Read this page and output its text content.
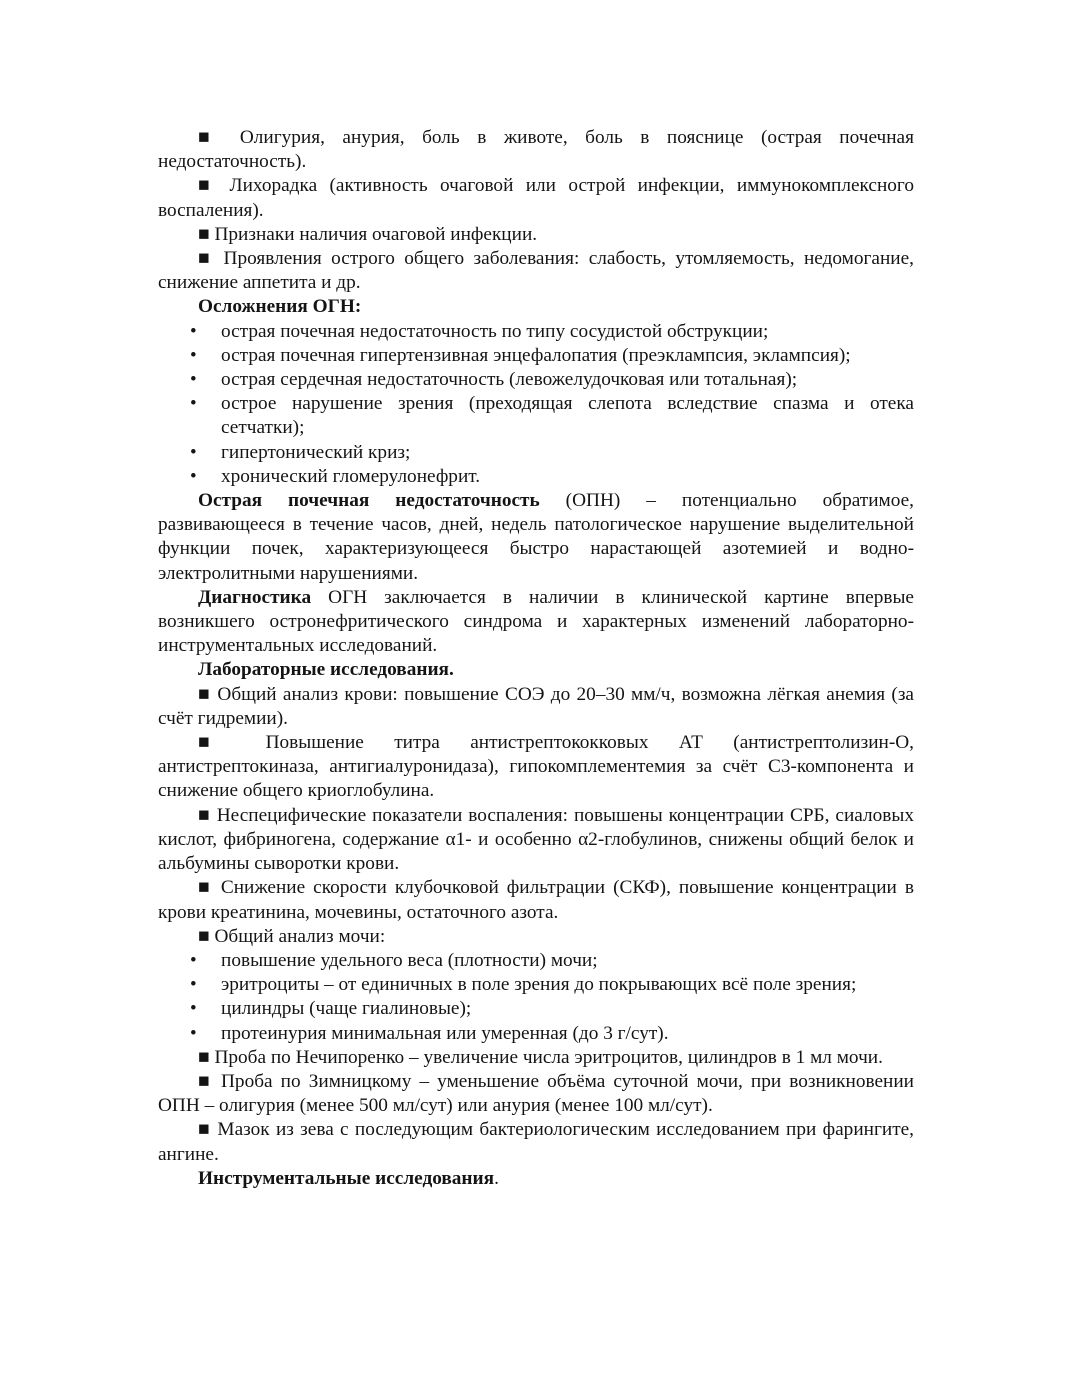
■ Олигурия, анурия, боль в животе, боль в пояснице (острая почечная недостаточность).

■ Лихорадка (активность очаговой или острой инфекции, иммунокомплексного воспаления).

■ Признаки наличия очаговой инфекции.

■ Проявления острого общего заболевания: слабость, утомляемость, недомогание, снижение аппетита и др.

Осложнения ОГН:

• острая почечная недостаточность по типу сосудистой обструкции;
• острая почечная гипертензивная энцефалопатия (преэклампсия, эклампсия);
• острая сердечная недостаточность (левожелудочковая или тотальная);
• острое нарушение зрения (преходящая слепота вследствие спазма и отека сетчатки);
• гипертонический криз;
• хронический гломерулонефрит.

Острая почечная недостаточность (ОПН) – потенциально обратимое, развивающееся в течение часов, дней, недель патологическое нарушение выделительной функции почек, характеризующееся быстро нарастающей азотемией и водно-электролитными нарушениями.

Диагностика ОГН заключается в наличии в клинической картине впервые возникшего остронефритического синдрома и характерных изменений лабораторно-инструментальных исследований.

Лабораторные исследования.

■ Общий анализ крови: повышение СОЭ до 20–30 мм/ч, возможна лёгкая анемия (за счёт гидремии).

■ Повышение титра антистрептококковых АТ (антистрептолизин-О, антистрептокиназа, антигиалуронидаза), гипокомплементемия за счёт С3-компонента и снижение общего криоглобулина.

■ Неспецифические показатели воспаления: повышены концентрации СРБ, сиаловых кислот, фибриногена, содержание α1- и особенно α2-глобулинов, снижены общий белок и альбумины сыворотки крови.

■ Снижение скорости клубочковой фильтрации (СКФ), повышение концентрации в крови креатинина, мочевины, остаточного азота.

■ Общий анализ мочи:

• повышение удельного веса (плотности) мочи;
• эритроциты – от единичных в поле зрения до покрывающих всё поле зрения;
• цилиндры (чаще гиалиновые);
• протеинурия минимальная или умеренная (до 3 г/сут).

■ Проба по Нечипоренко – увеличение числа эритроцитов, цилиндров в 1 мл мочи.

■ Проба по Зимницкому – уменьшение объёма суточной мочи, при возникновении ОПН – олигурия (менее 500 мл/сут) или анурия (менее 100 мл/сут).

■ Мазок из зева с последующим бактериологическим исследованием при фарингите, ангине.

Инструментальные исследования.
